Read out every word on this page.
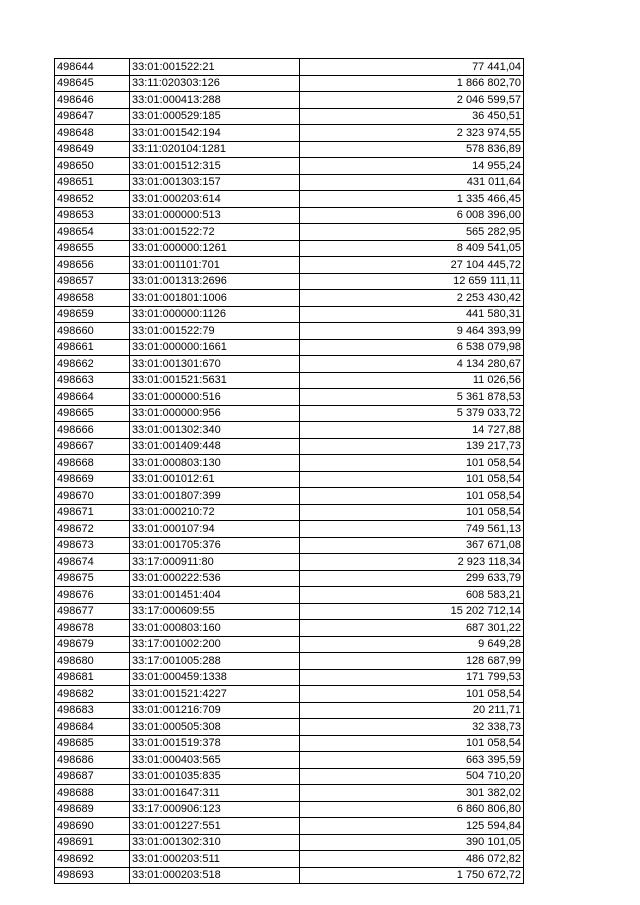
498644	33:01:001522:21	77 441,04
498645	33:11:020303:126	1 866 802,70
498646	33:01:000413:288	2 046 599,57
498647	33:01:000529:185	36 450,51
498648	33:01:001542:194	2 323 974,55
498649	33:11:020104:1281	578 836,89
498650	33:01:001512:315	14 955,24
498651	33:01:001303:157	431 011,64
498652	33:01:000203:614	1 335 466,45
498653	33:01:000000:513	6 008 396,00
498654	33:01:001522:72	565 282,95
498655	33:01:000000:1261	8 409 541,05
498656	33:01:001101:701	27 104 445,72
498657	33:01:001313:2696	12 659 111,11
498658	33:01:001801:1006	2 253 430,42
498659	33:01:000000:1126	441 580,31
498660	33:01:001522:79	9 464 393,99
498661	33:01:000000:1661	6 538 079,98
498662	33:01:001301:670	4 134 280,67
498663	33:01:001521:5631	11 026,56
498664	33:01:000000:516	5 361 878,53
498665	33:01:000000:956	5 379 033,72
498666	33:01:001302:340	14 727,88
498667	33:01:001409:448	139 217,73
498668	33:01:000803:130	101 058,54
498669	33:01:001012:61	101 058,54
498670	33:01:001807:399	101 058,54
498671	33:01:000210:72	101 058,54
498672	33:01:000107:94	749 561,13
498673	33:01:001705:376	367 671,08
498674	33:17:000911:80	2 923 118,34
498675	33:01:000222:536	299 633,79
498676	33:01:001451:404	608 583,21
498677	33:17:000609:55	15 202 712,14
498678	33:01:000803:160	687 301,22
498679	33:17:001002:200	9 649,28
498680	33:17:001005:288	128 687,99
498681	33:01:000459:1338	171 799,53
498682	33:01:001521:4227	101 058,54
498683	33:01:001216:709	20 211,71
498684	33:01:000505:308	32 338,73
498685	33:01:001519:378	101 058,54
498686	33:01:000403:565	663 395,59
498687	33:01:001035:835	504 710,20
498688	33:01:001647:311	301 382,02
498689	33:17:000906:123	6 860 806,80
498690	33:01:001227:551	125 594,84
498691	33:01:001302:310	390 101,05
498692	33:01:000203:511	486 072,82
498693	33:01:000203:518	1 750 672,72
